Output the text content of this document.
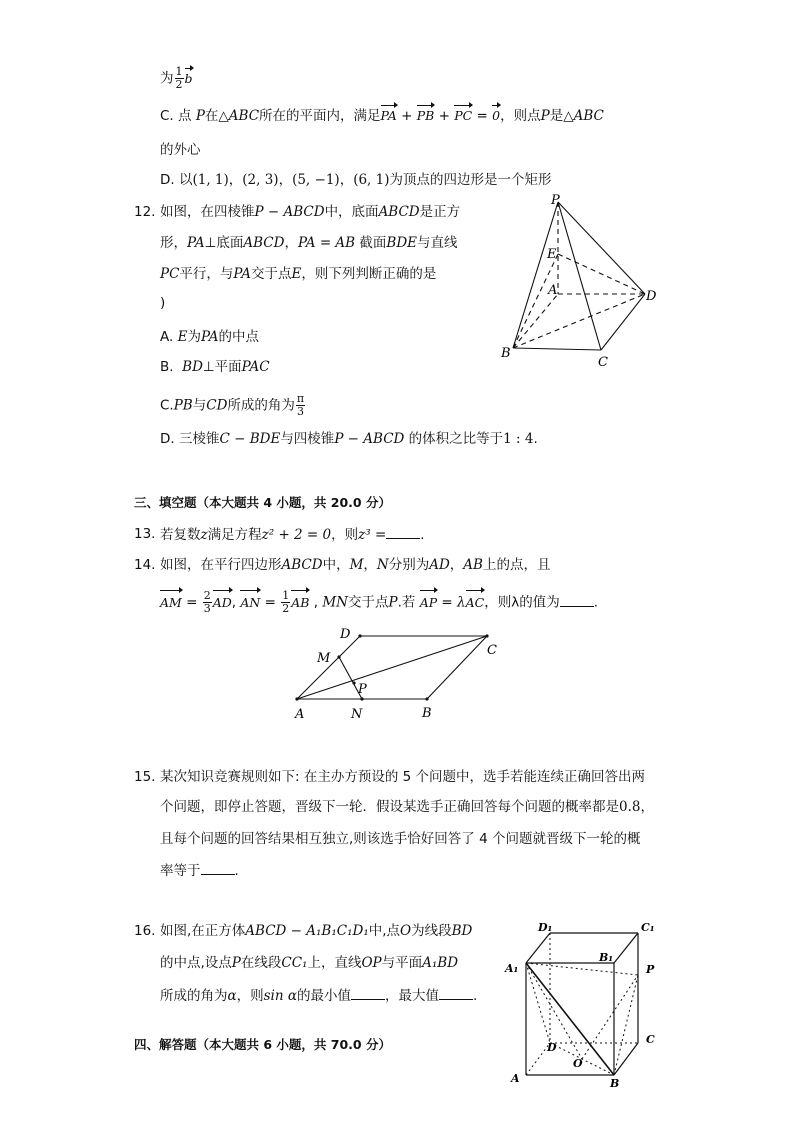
为 $\frac{1}{2}$ b
C. 点 P在△ABC所在的平面内，满足PA + PB + PC = 0，则点P是△ABC
的外心
D. 以(1, 1)，(2, 3)，(5, −1)，(6, 1)为顶点的四边形是一个矩形
12. 如图，在四棱锥P − ABCD中，底面ABCD是正方
形，PA⊥底面ABCD，PA = AB 截面BDE与直线
PC平行，与PA交于点E，则下列判断正确的是
)
A. E为PA的中点
B. BD⊥平面PAC
C.PB与CD所成的角为 $\frac{\pi}{3}$
D. 三棱锥C − BDE与四棱锥P − ABCD 的体积之比等于1 : 4.
P
E
A	D
B
C
三、填空题（本大题共 4 小题，共 20.0 分）
13. 若复数z满足方程z² + 2 = 0，则z³ =	.
14. 如图，在平行四边形ABCD中，M，N分别为AD，AB上的点，且
AM = $\frac{2}{3}$ AD, AN = $\frac{1}{2}$ AB , MN交于点P.若 AP = λAC，则λ的值为	.
A	B
C
D
M
N
P
15. 某次知识竞赛规则如下: 在主办方预设的 5 个问题中，选手若能连续正确回答出两
个问题，即停止答题，晋级下一轮．假设某选手正确回答每个问题的概率都是0.8，
且每个问题的回答结果相互独立,则该选手恰好回答了 4 个问题就晋级下一轮的概
率等于	.
16. 如图,在正方体ABCD − A₁B₁C₁D₁中,点O为线段BD
的中点,设点P在线段CC₁上，直线OP与平面A₁BD
所成的角为α，则sin α的最小值	，最大值	.
四、解答题（本大题共 6 小题，共 70.0 分）
D₁	C₁
A₁
B₁
P
D
C
O
A	B
